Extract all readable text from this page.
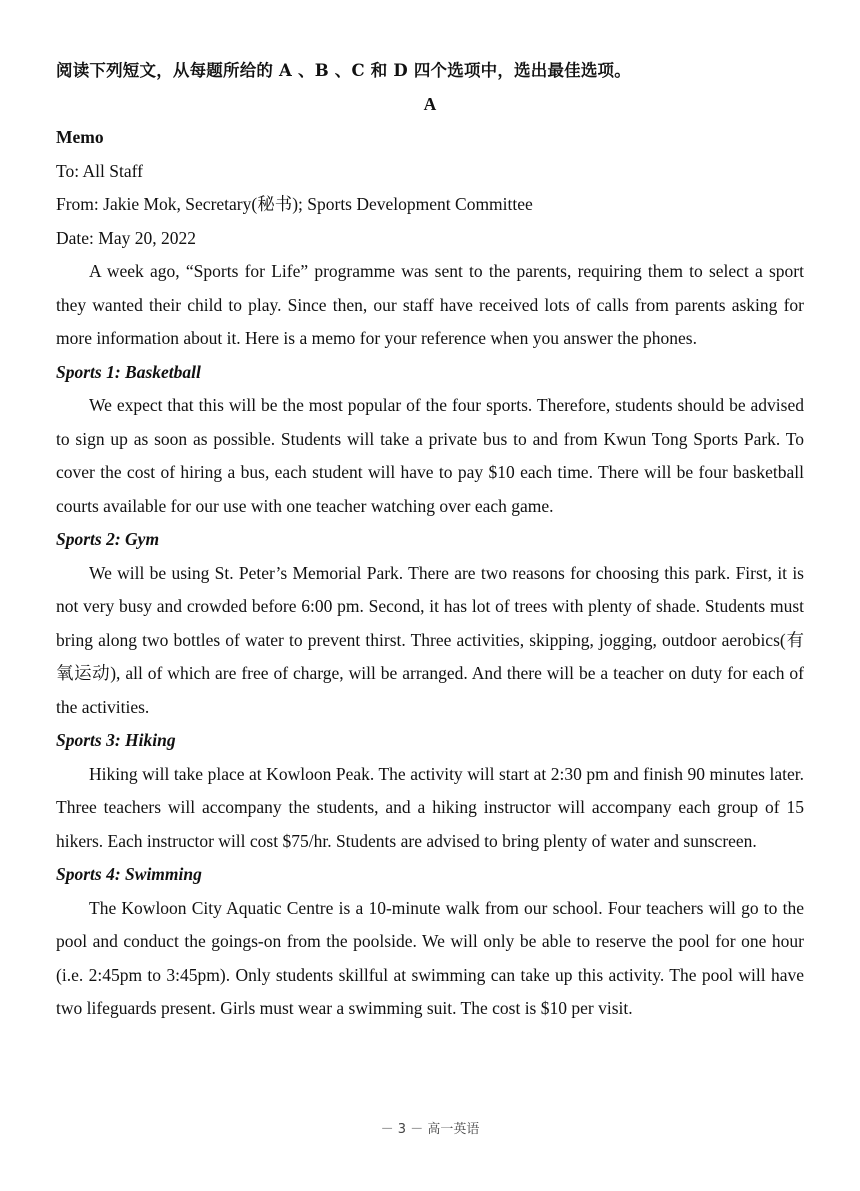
阅读下列短文，从每题所给的 A 、B 、C 和 D 四个选项中，选出最佳选项。

A

Memo

To: All Staff

From: Jakie Mok, Secretary(秘书); Sports Development Committee

Date: May 20, 2022

A week ago, “Sports for Life” programme was sent to the parents, requiring them to select a sport they wanted their child to play. Since then, our staff have received lots of calls from parents asking for more information about it. Here is a memo for your reference when you answer the phones.

Sports 1: Basketball

We expect that this will be the most popular of the four sports. Therefore, students should be advised to sign up as soon as possible. Students will take a private bus to and from Kwun Tong Sports Park. To cover the cost of hiring a bus, each student will have to pay $10 each time. There will be four basketball courts available for our use with one teacher watching over each game.

Sports 2: Gym

We will be using St. Peter’s Memorial Park. There are two reasons for choosing this park. First, it is not very busy and crowded before 6:00 pm. Second, it has lot of trees with plenty of shade. Students must bring along two bottles of water to prevent thirst. Three activities, skipping, jogging, outdoor aerobics(有氧运动), all of which are free of charge, will be arranged. And there will be a teacher on duty for each of the activities.

Sports 3: Hiking

Hiking will take place at Kowloon Peak. The activity will start at 2:30 pm and finish 90 minutes later. Three teachers will accompany the students, and a hiking instructor will accompany each group of 15 hikers. Each instructor will cost $75/hr. Students are advised to bring plenty of water and sunscreen.

Sports 4: Swimming

The Kowloon City Aquatic Centre is a 10-minute walk from our school. Four teachers will go to the pool and conduct the goings-on from the poolside. We will only be able to reserve the pool for one hour (i.e. 2:45pm to 3:45pm). Only students skillful at swimming can take up this activity. The pool will have two lifeguards present. Girls must wear a swimming suit. The cost is $10 per visit.

－ 3 － 高一英语
